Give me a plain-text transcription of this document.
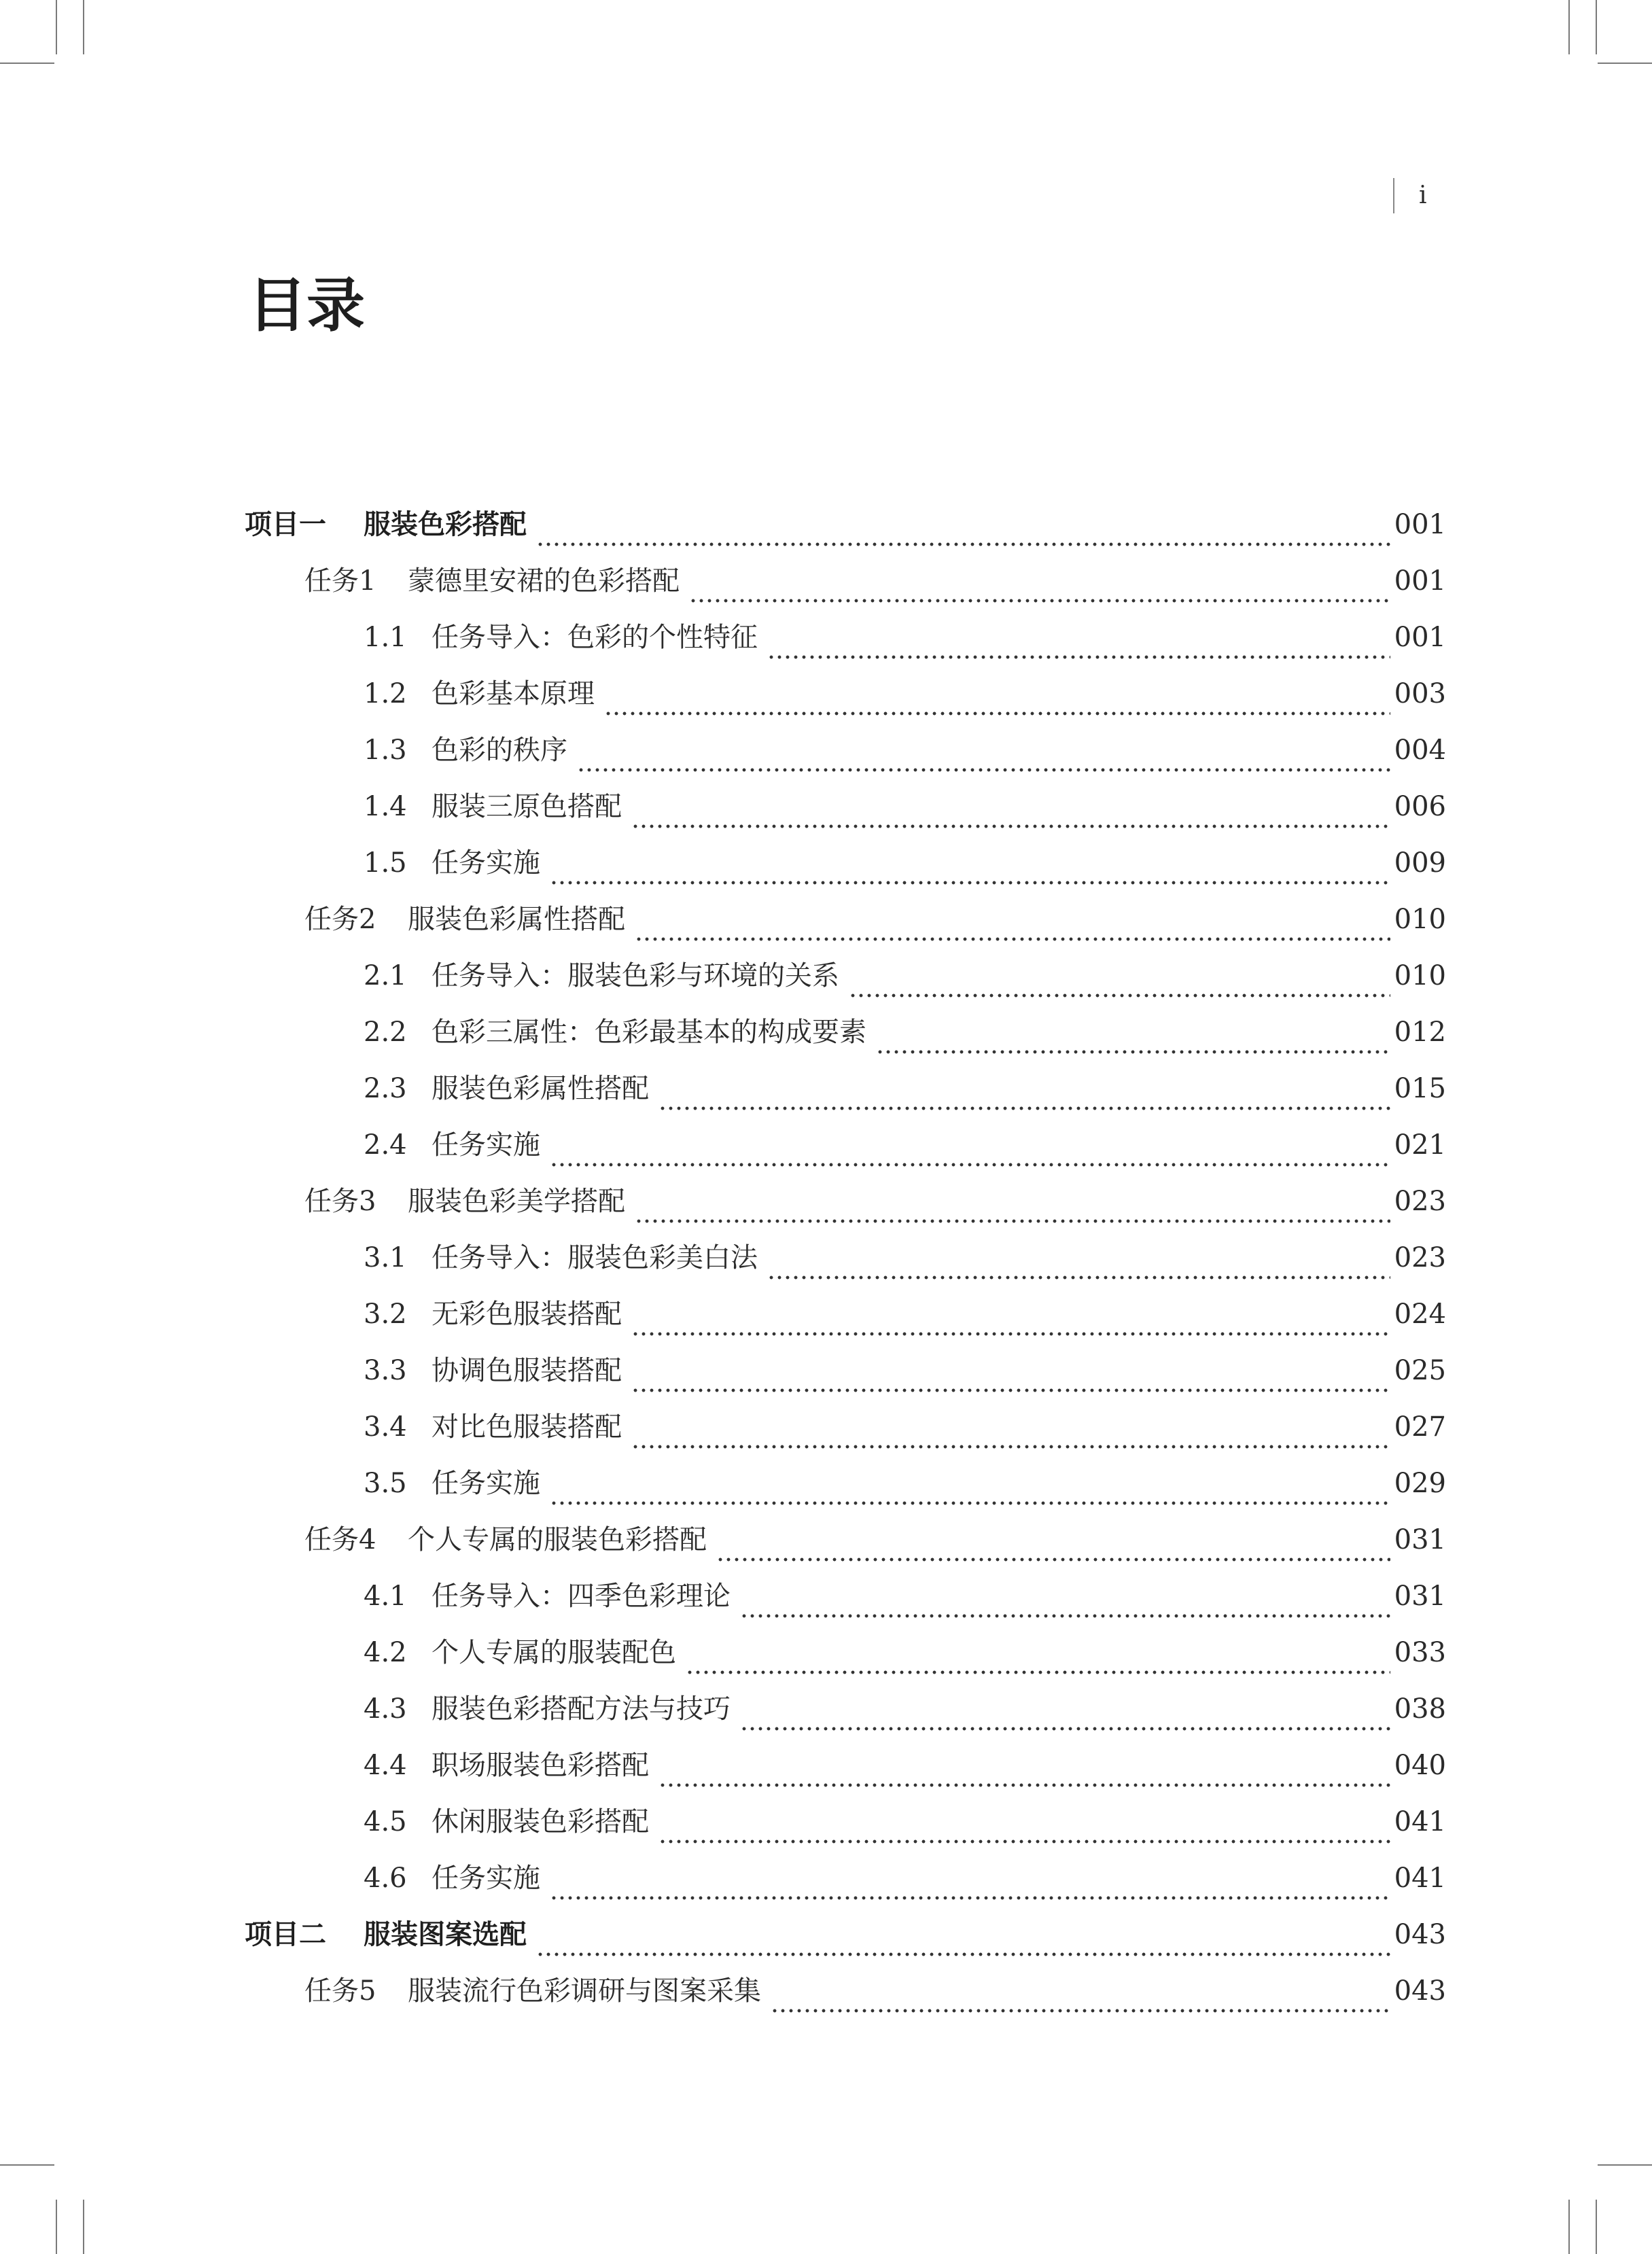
i
目录
项目一	服装色彩搭配	001
任务1	蒙德里安裙的色彩搭配	001
1.1 任务导入：色彩的个性特征	001
1.2 色彩基本原理	003
1.3 色彩的秩序	004
1.4 服装三原色搭配	006
1.5 任务实施	009
任务2	服装色彩属性搭配	010
2.1 任务导入：服装色彩与环境的关系	010
2.2 色彩三属性：色彩最基本的构成要素	012
2.3 服装色彩属性搭配	015
2.4 任务实施	021
任务3	服装色彩美学搭配	023
3.1 任务导入：服装色彩美白法	023
3.2 无彩色服装搭配	024
3.3 协调色服装搭配	025
3.4 对比色服装搭配	027
3.5 任务实施	029
任务4	个人专属的服装色彩搭配	031
4.1 任务导入：四季色彩理论	031
4.2 个人专属的服装配色	033
4.3 服装色彩搭配方法与技巧	038
4.4 职场服装色彩搭配	040
4.5 休闲服装色彩搭配	041
4.6 任务实施	041
项目二	服装图案选配	043
任务5	服装流行色彩调研与图案采集	043
